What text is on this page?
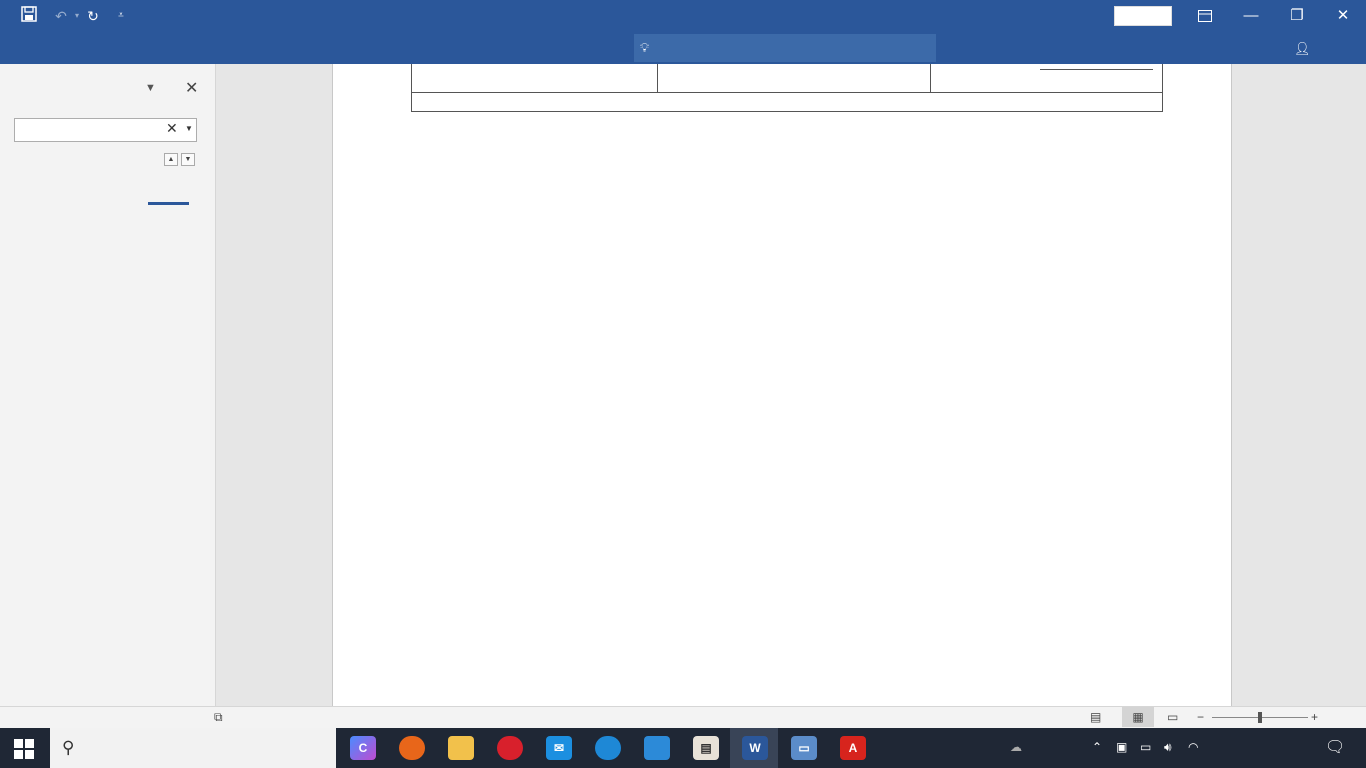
↶	▾ ↻	⩡	—	❐	✕
👤︎
💡︎
▼ ✕
✕ ▼
▲	▼
⧉	▤	▦	▭ −	+
⚲	C	✉	▤	W	▭	A	☁︎	⌃ ▣ ▭ 🔊︎ ◠	🗨︎
